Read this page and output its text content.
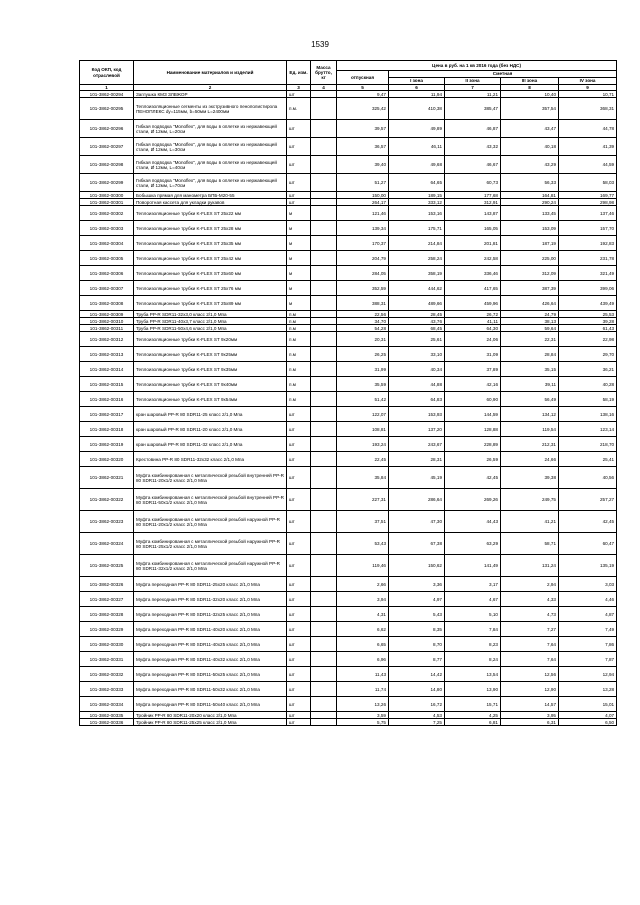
1539
Код ОКП, код отраслевой	Наименование материалов и изделий	Ед. изм.	Масса брутто, кг	Цена в руб. на 1 кв 2016 года (без НДС)				
				отпускная	Сметная			
					I зона	II зона	III зона	IV зона
1	2	3	4	5	6	7	8	9
101-3862-00294	Заглушка КМЗ ЗЛВЖОР	шт		9,47	11,94	11,21	10,40	10,71
101-3862-00295	Теплоизоляционные сегменты из экструзивного пенополистирола ПЕНОПЛЕКС dy=115мм, b=50мм L=2400мм	п.м.		325,42	410,38	385,47	357,54	368,31
101-3862-00296	Гибкая подводка "Monoflex", для воды в оплетке из нержавеющей стали, Ø 12мм, L=20см	шт		39,57	49,89	46,87	43,47	44,78
101-3862-00297	Гибкая подводка "Monoflex", для воды в оплетке из нержавеющей стали, Ø 12мм, L=30см	шт		36,57	46,11	43,32	40,18	41,39
101-3862-00298	Гибкая подводка "Monoflex", для воды в оплетке из нержавеющей стали, Ø 12мм, L=40см	шт		39,40	49,68	46,67	43,29	44,59
101-3862-00299	Гибкая подводка "Monoflex", для воды в оплетке из нержавеющей стали, Ø 12мм, L=70см	шт		51,27	64,65	60,73	56,33	58,03
101-3862-00300	Бобышка прямая для манометра БПБ-М20-55	шт		150,00	189,15	177,68	164,81	169,77
101-3862-00301	Поворотная кассета для укладки рукавов	шт		264,17	333,12	312,91	290,24	298,98
101-3862-00302	Теплоизоляционные трубки K-FLEX ST 25х22 мм	м		121,46	153,16	143,87	133,45	137,46
101-3862-00303	Теплоизоляционные трубки K-FLEX ST 25х28 мм	м		139,34	175,71	165,05	153,09	157,70
101-3862-00304	Теплоизоляционные трубки K-FLEX ST 25х35 мм	м		170,37	214,84	201,81	187,19	192,83
101-3862-00305	Теплоизоляционные трубки K-FLEX ST 25х42 мм	м		204,79	258,24	242,58	225,00	231,78
101-3862-00306	Теплоизоляционные трубки K-FLEX ST 25х60 мм	м		284,05	358,19	336,46	312,09	321,49
101-3862-00307	Теплоизоляционные трубки K-FLEX ST 25х76 мм	м		352,59	444,62	417,65	387,39	399,06
101-3862-00308	Теплоизоляционные трубки K-FLEX ST 25х89 мм	м		388,31	489,66	459,96	426,64	439,49
101-3862-00309	Труба PP-R SDR11-32х3,0 класс 2/1,0 Мпа	п.м		22,56	28,45	26,72	24,79	25,53
101-3862-00310	Труба PP-R SDR11-40х3,7 класс 2/1,0 Мпа	п.м		34,70	43,76	41,11	38,13	39,28
101-3862-00311	Труба PP-R SDR11-50х4,6 класс 2/1,0 Мпа	п.м		54,28	68,45	64,30	59,64	61,43
101-3862-00312	Теплоизоляционные трубки K-FLEX ST 9х20мм	п.м		20,31	25,61	24,06	22,31	22,98
101-3862-00313	Теплоизоляционные трубки K-FLEX ST 9х25мм	п.м		26,25	33,10	31,09	28,84	29,70
101-3862-00314	Теплоизоляционные трубки K-FLEX ST 9х35мм	п.м		31,99	40,34	37,89	35,15	36,21
101-3862-00315	Теплоизоляционные трубки K-FLEX ST 9х40мм	п.м		35,59	44,88	42,16	39,11	40,28
101-3862-00316	Теплоизоляционные трубки K-FLEX ST 9х54мм	п.м		51,42	64,83	60,90	56,49	58,19
101-3862-00317	кран шаровый PP-R 80 SDR11-25 класс 2/1,0 Мпа	шт		122,07	153,93	144,59	134,12	138,16
101-3862-00318	кран шаровый PP-R 80 SDR11-20 класс 2/1,0 Мпа	шт		108,81	137,20	128,88	119,54	123,14
101-3862-00319	кран шаровый PP-R 80 SDR11-32 класс 2/1,0 Мпа	шт		193,24	243,67	228,89	212,31	218,70
101-3862-00320	Крестовина PP-R 80 SDR11-32х32 класс 2/1,0 Мпа	шт		22,45	28,31	26,59	24,66	25,41
101-3862-00321	Муфта комбинированная с металлической резьбой внутренней PP-R 80 SDR11-20х1/2 класс 2/1,0 Мпа	шт		35,84	45,19	42,45	39,38	40,56
101-3862-00322	Муфта комбинированная с металлической резьбой внутренней PP-R 80 SDR11-50х1/2 класс 2/1,0 Мпа	шт		227,31	286,64	269,26	249,75	257,27
101-3862-00323	Муфта комбинированная с металлической резьбой наружной PP-R 80 SDR11-20х1/2 класс 2/1,0 Мпа	шт		37,51	47,30	44,43	41,21	42,45
101-3862-00324	Муфта комбинированная с металлической резьбой наружной PP-R 80 SDR11-25х1/2 класс 2/1,0 Мпа	шт		53,43	67,38	63,29	58,71	60,47
101-3862-00325	Муфта комбинированная с металлической резьбой наружной PP-R 80 SDR11-32х1/2 класс 2/1,0 Мпа	шт		119,46	150,62	141,49	131,24	135,19
101-3862-00326	Муфта переходная PP-R 80 SDR11-25х20 класс 2/1,0 Мпа	шт		2,66	3,36	3,17	2,94	3,03
101-3862-00327	Муфта переходная PP-R 80 SDR11-32х20 класс 2/1,0 Мпа	шт		3,94	4,97	4,67	4,33	4,46
101-3862-00328	Муфта переходная PP-R 80 SDR11-32х25 класс 2/1,0 Мпа	шт		4,31	5,43	5,10	4,73	4,87
101-3862-00329	Муфта переходная PP-R 80 SDR11-40х20 класс 2/1,0 Мпа	шт		6,62	8,35	7,84	7,27	7,49
101-3862-00330	Муфта переходная PP-R 80 SDR11-40х25 класс 2/1,0 Мпа	шт		6,65	8,70	8,23	7,64	7,86
101-3862-00331	Муфта переходная PP-R 80 SDR11-40х32 класс 2/1,0 Мпа	шт		6,96	8,77	8,24	7,64	7,87
101-3862-00332	Муфта переходная PP-R 80 SDR11-50х25 класс 2/1,0 Мпа	шт		11,43	14,42	13,54	12,56	12,94
101-3862-00333	Муфта переходная PP-R 80 SDR11-50х32 класс 2/1,0 Мпа	шт		11,74	14,80	13,90	12,90	13,28
101-3862-00334	Муфта переходная PP-R 80 SDR11-50х40 класс 2/1,0 Мпа	шт		13,26	16,72	15,71	14,57	15,01
101-3862-00335	Тройник PP-R 80 SDR11-20х20 класс 2/1,0 Мпа	шт		3,59	4,53	4,25	3,95	4,07
101-3862-00336	Тройник PP-R 80 SDR11-25х25 класс 2/1,0 Мпа	шт		5,75	7,25	6,81	6,31	6,50
